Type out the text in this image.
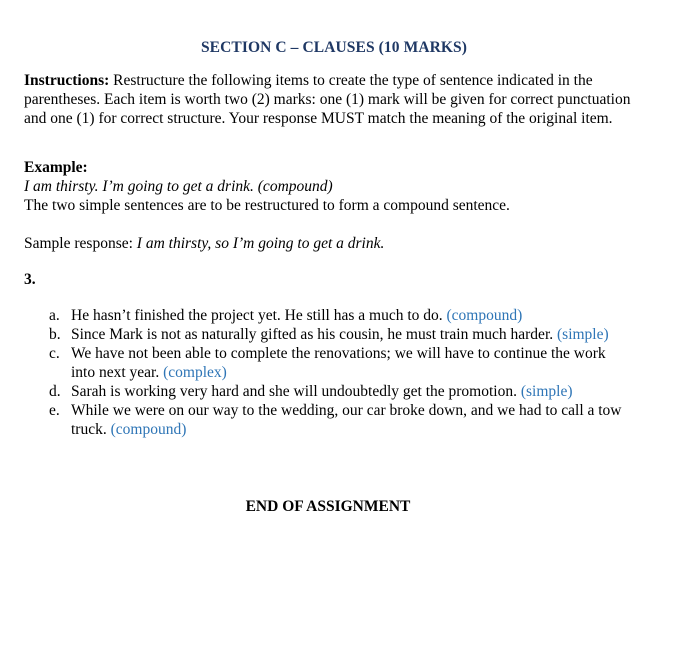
SECTION C – CLAUSES (10 MARKS)

Instructions: Restructure the following items to create the type of sentence indicated in the parentheses. Each item is worth two (2) marks: one (1) mark will be given for correct punctuation and one (1) for correct structure. Your response MUST match the meaning of the original item.

Example:
I am thirsty. I’m going to get a drink. (compound)
The two simple sentences are to be restructured to form a compound sentence.
Sample response: I am thirsty, so I’m going to get a drink.
3.
a. He hasn’t finished the project yet. He still has a much to do. (compound)
b. Since Mark is not as naturally gifted as his cousin, he must train much harder. (simple)
c. We have not been able to complete the renovations; we will have to continue the work into next year. (complex)
d. Sarah is working very hard and she will undoubtedly get the promotion. (simple)
e. While we were on our way to the wedding, our car broke down, and we had to call a tow truck. (compound)
END OF ASSIGNMENT
